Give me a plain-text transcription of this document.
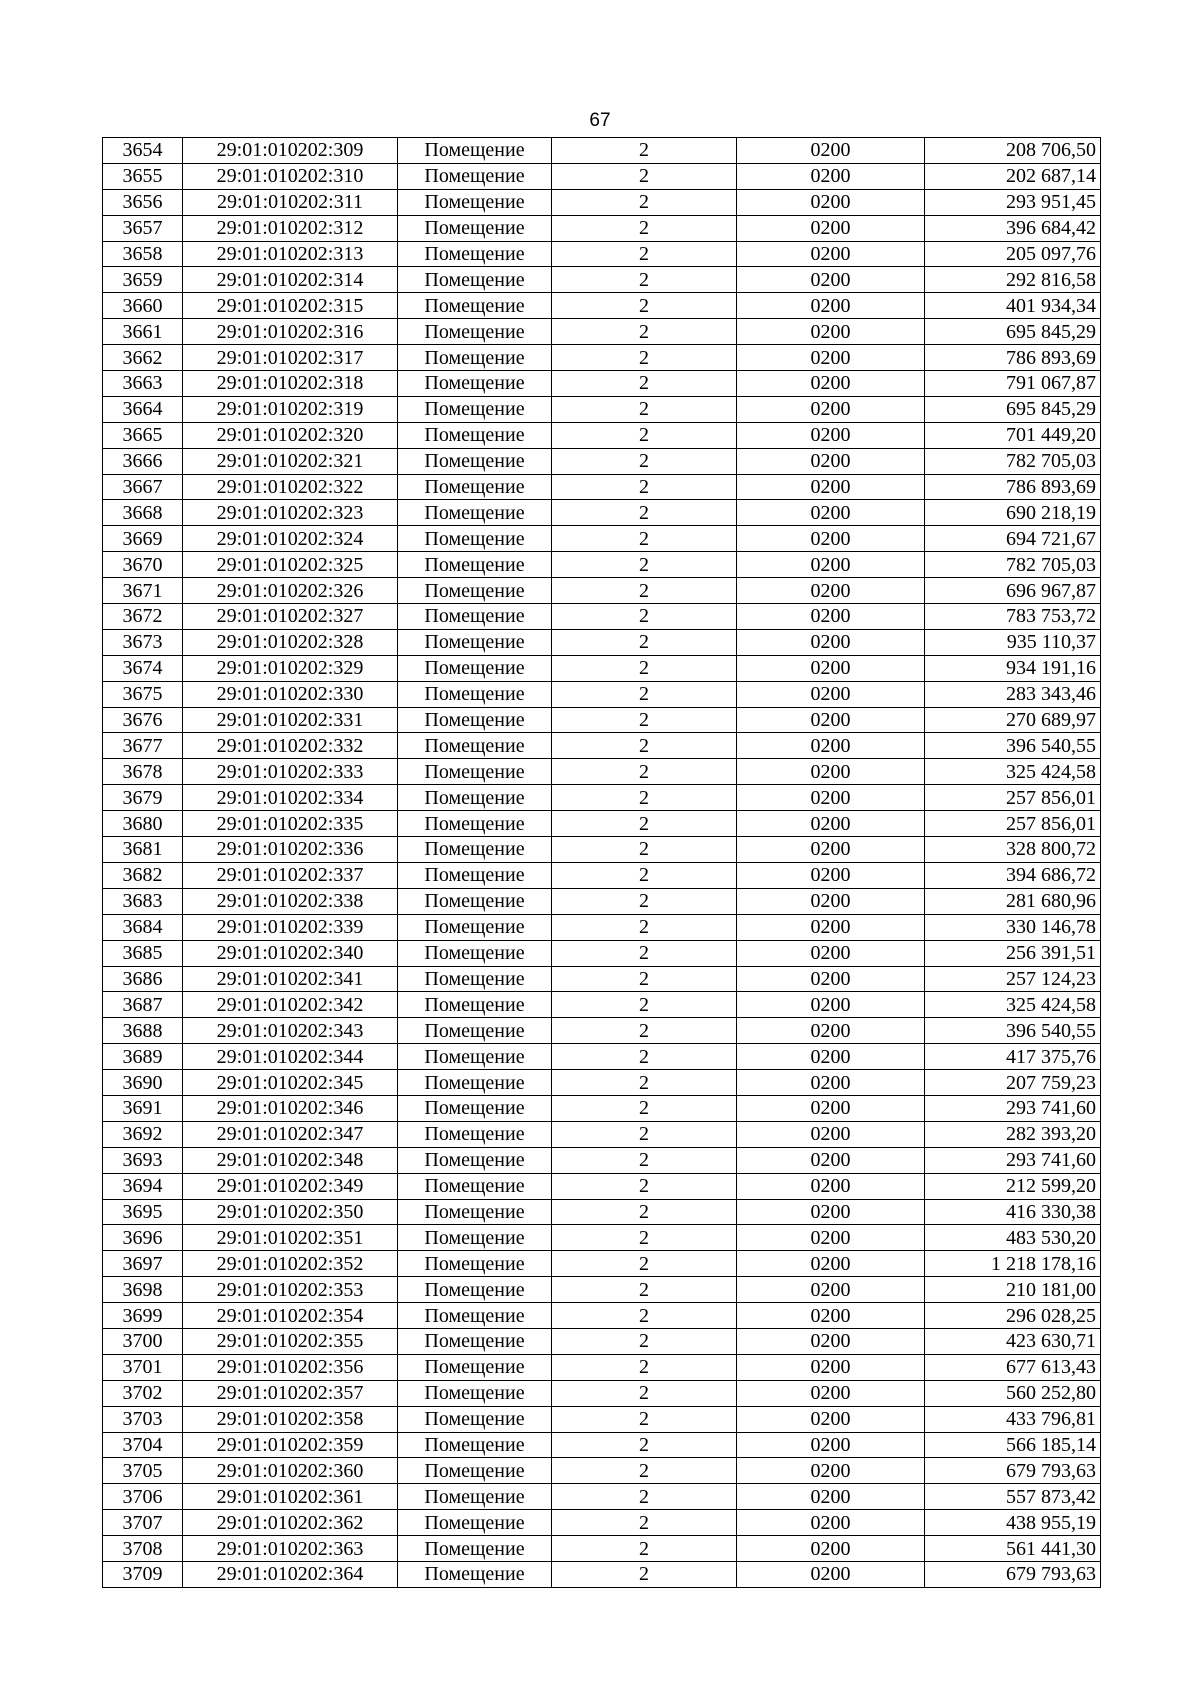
67
3654	29:01:010202:309	Помещение	2	0200	208 706,50
3655	29:01:010202:310	Помещение	2	0200	202 687,14
3656	29:01:010202:311	Помещение	2	0200	293 951,45
3657	29:01:010202:312	Помещение	2	0200	396 684,42
3658	29:01:010202:313	Помещение	2	0200	205 097,76
3659	29:01:010202:314	Помещение	2	0200	292 816,58
3660	29:01:010202:315	Помещение	2	0200	401 934,34
3661	29:01:010202:316	Помещение	2	0200	695 845,29
3662	29:01:010202:317	Помещение	2	0200	786 893,69
3663	29:01:010202:318	Помещение	2	0200	791 067,87
3664	29:01:010202:319	Помещение	2	0200	695 845,29
3665	29:01:010202:320	Помещение	2	0200	701 449,20
3666	29:01:010202:321	Помещение	2	0200	782 705,03
3667	29:01:010202:322	Помещение	2	0200	786 893,69
3668	29:01:010202:323	Помещение	2	0200	690 218,19
3669	29:01:010202:324	Помещение	2	0200	694 721,67
3670	29:01:010202:325	Помещение	2	0200	782 705,03
3671	29:01:010202:326	Помещение	2	0200	696 967,87
3672	29:01:010202:327	Помещение	2	0200	783 753,72
3673	29:01:010202:328	Помещение	2	0200	935 110,37
3674	29:01:010202:329	Помещение	2	0200	934 191,16
3675	29:01:010202:330	Помещение	2	0200	283 343,46
3676	29:01:010202:331	Помещение	2	0200	270 689,97
3677	29:01:010202:332	Помещение	2	0200	396 540,55
3678	29:01:010202:333	Помещение	2	0200	325 424,58
3679	29:01:010202:334	Помещение	2	0200	257 856,01
3680	29:01:010202:335	Помещение	2	0200	257 856,01
3681	29:01:010202:336	Помещение	2	0200	328 800,72
3682	29:01:010202:337	Помещение	2	0200	394 686,72
3683	29:01:010202:338	Помещение	2	0200	281 680,96
3684	29:01:010202:339	Помещение	2	0200	330 146,78
3685	29:01:010202:340	Помещение	2	0200	256 391,51
3686	29:01:010202:341	Помещение	2	0200	257 124,23
3687	29:01:010202:342	Помещение	2	0200	325 424,58
3688	29:01:010202:343	Помещение	2	0200	396 540,55
3689	29:01:010202:344	Помещение	2	0200	417 375,76
3690	29:01:010202:345	Помещение	2	0200	207 759,23
3691	29:01:010202:346	Помещение	2	0200	293 741,60
3692	29:01:010202:347	Помещение	2	0200	282 393,20
3693	29:01:010202:348	Помещение	2	0200	293 741,60
3694	29:01:010202:349	Помещение	2	0200	212 599,20
3695	29:01:010202:350	Помещение	2	0200	416 330,38
3696	29:01:010202:351	Помещение	2	0200	483 530,20
3697	29:01:010202:352	Помещение	2	0200	1 218 178,16
3698	29:01:010202:353	Помещение	2	0200	210 181,00
3699	29:01:010202:354	Помещение	2	0200	296 028,25
3700	29:01:010202:355	Помещение	2	0200	423 630,71
3701	29:01:010202:356	Помещение	2	0200	677 613,43
3702	29:01:010202:357	Помещение	2	0200	560 252,80
3703	29:01:010202:358	Помещение	2	0200	433 796,81
3704	29:01:010202:359	Помещение	2	0200	566 185,14
3705	29:01:010202:360	Помещение	2	0200	679 793,63
3706	29:01:010202:361	Помещение	2	0200	557 873,42
3707	29:01:010202:362	Помещение	2	0200	438 955,19
3708	29:01:010202:363	Помещение	2	0200	561 441,30
3709	29:01:010202:364	Помещение	2	0200	679 793,63
